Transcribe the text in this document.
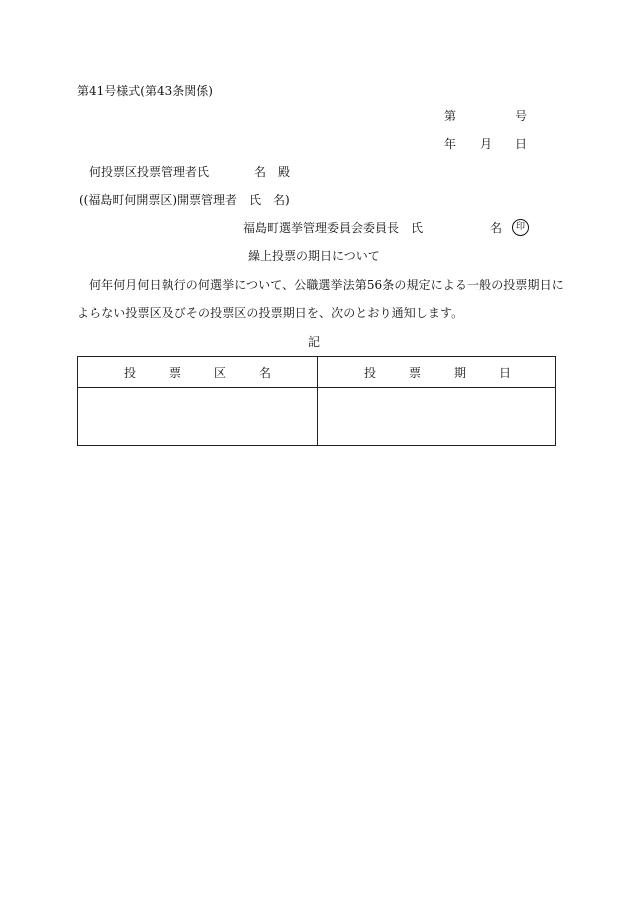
第41号様式(第43条関係)
第	号
年 月 日
何投票区投票管理者氏	名　殿
((福島町何開票区)開票管理者　氏　名)
福島町選挙管理委員会委員長　氏	名	印
繰上投票の期日について
何年何月何日執行の何選挙について、公職選挙法第56条の規定による一般の投票期日に
よらない投票区及びその投票区の投票期日を、次のとおり通知します。
記
投票区名	投票期日
